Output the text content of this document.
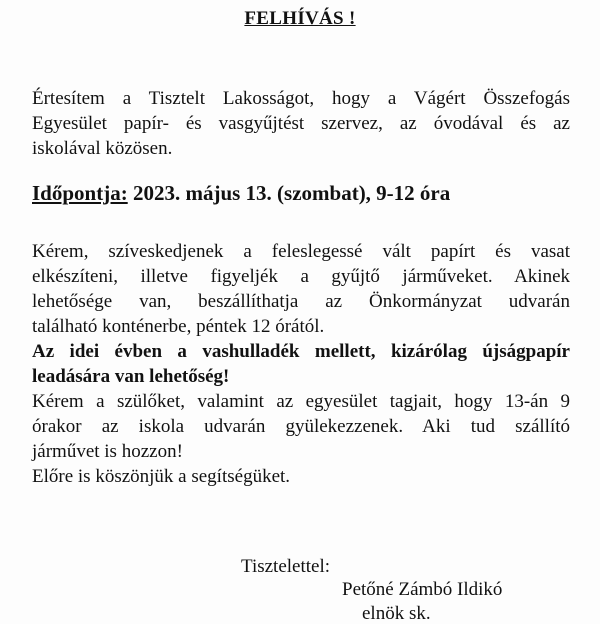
FELHÍVÁS !
Értesítem a Tisztelt Lakosságot, hogy a Vágért Összefogás
Egyesület papír- és vasgyűjtést szervez, az óvodával és az
iskolával közösen.
Időpontja: 2023. május 13. (szombat), 9-12 óra
Kérem, szíveskedjenek a feleslegessé vált papírt és vasat
elkészíteni, illetve figyeljék a gyűjtő járműveket. Akinek
lehetősége van, beszállíthatja az Önkormányzat udvarán
található konténerbe, péntek 12 órától.
Az idei évben a vashulladék mellett, kizárólag újságpapír
leadására van lehetőség!
Kérem a szülőket, valamint az egyesület tagjait, hogy 13-án 9
órakor az iskola udvarán gyülekezzenek. Aki tud szállító
járművet is hozzon!
Előre is köszönjük a segítségüket.
Tisztelettel:
Petőné Zámbó Ildikó
elnök sk.
